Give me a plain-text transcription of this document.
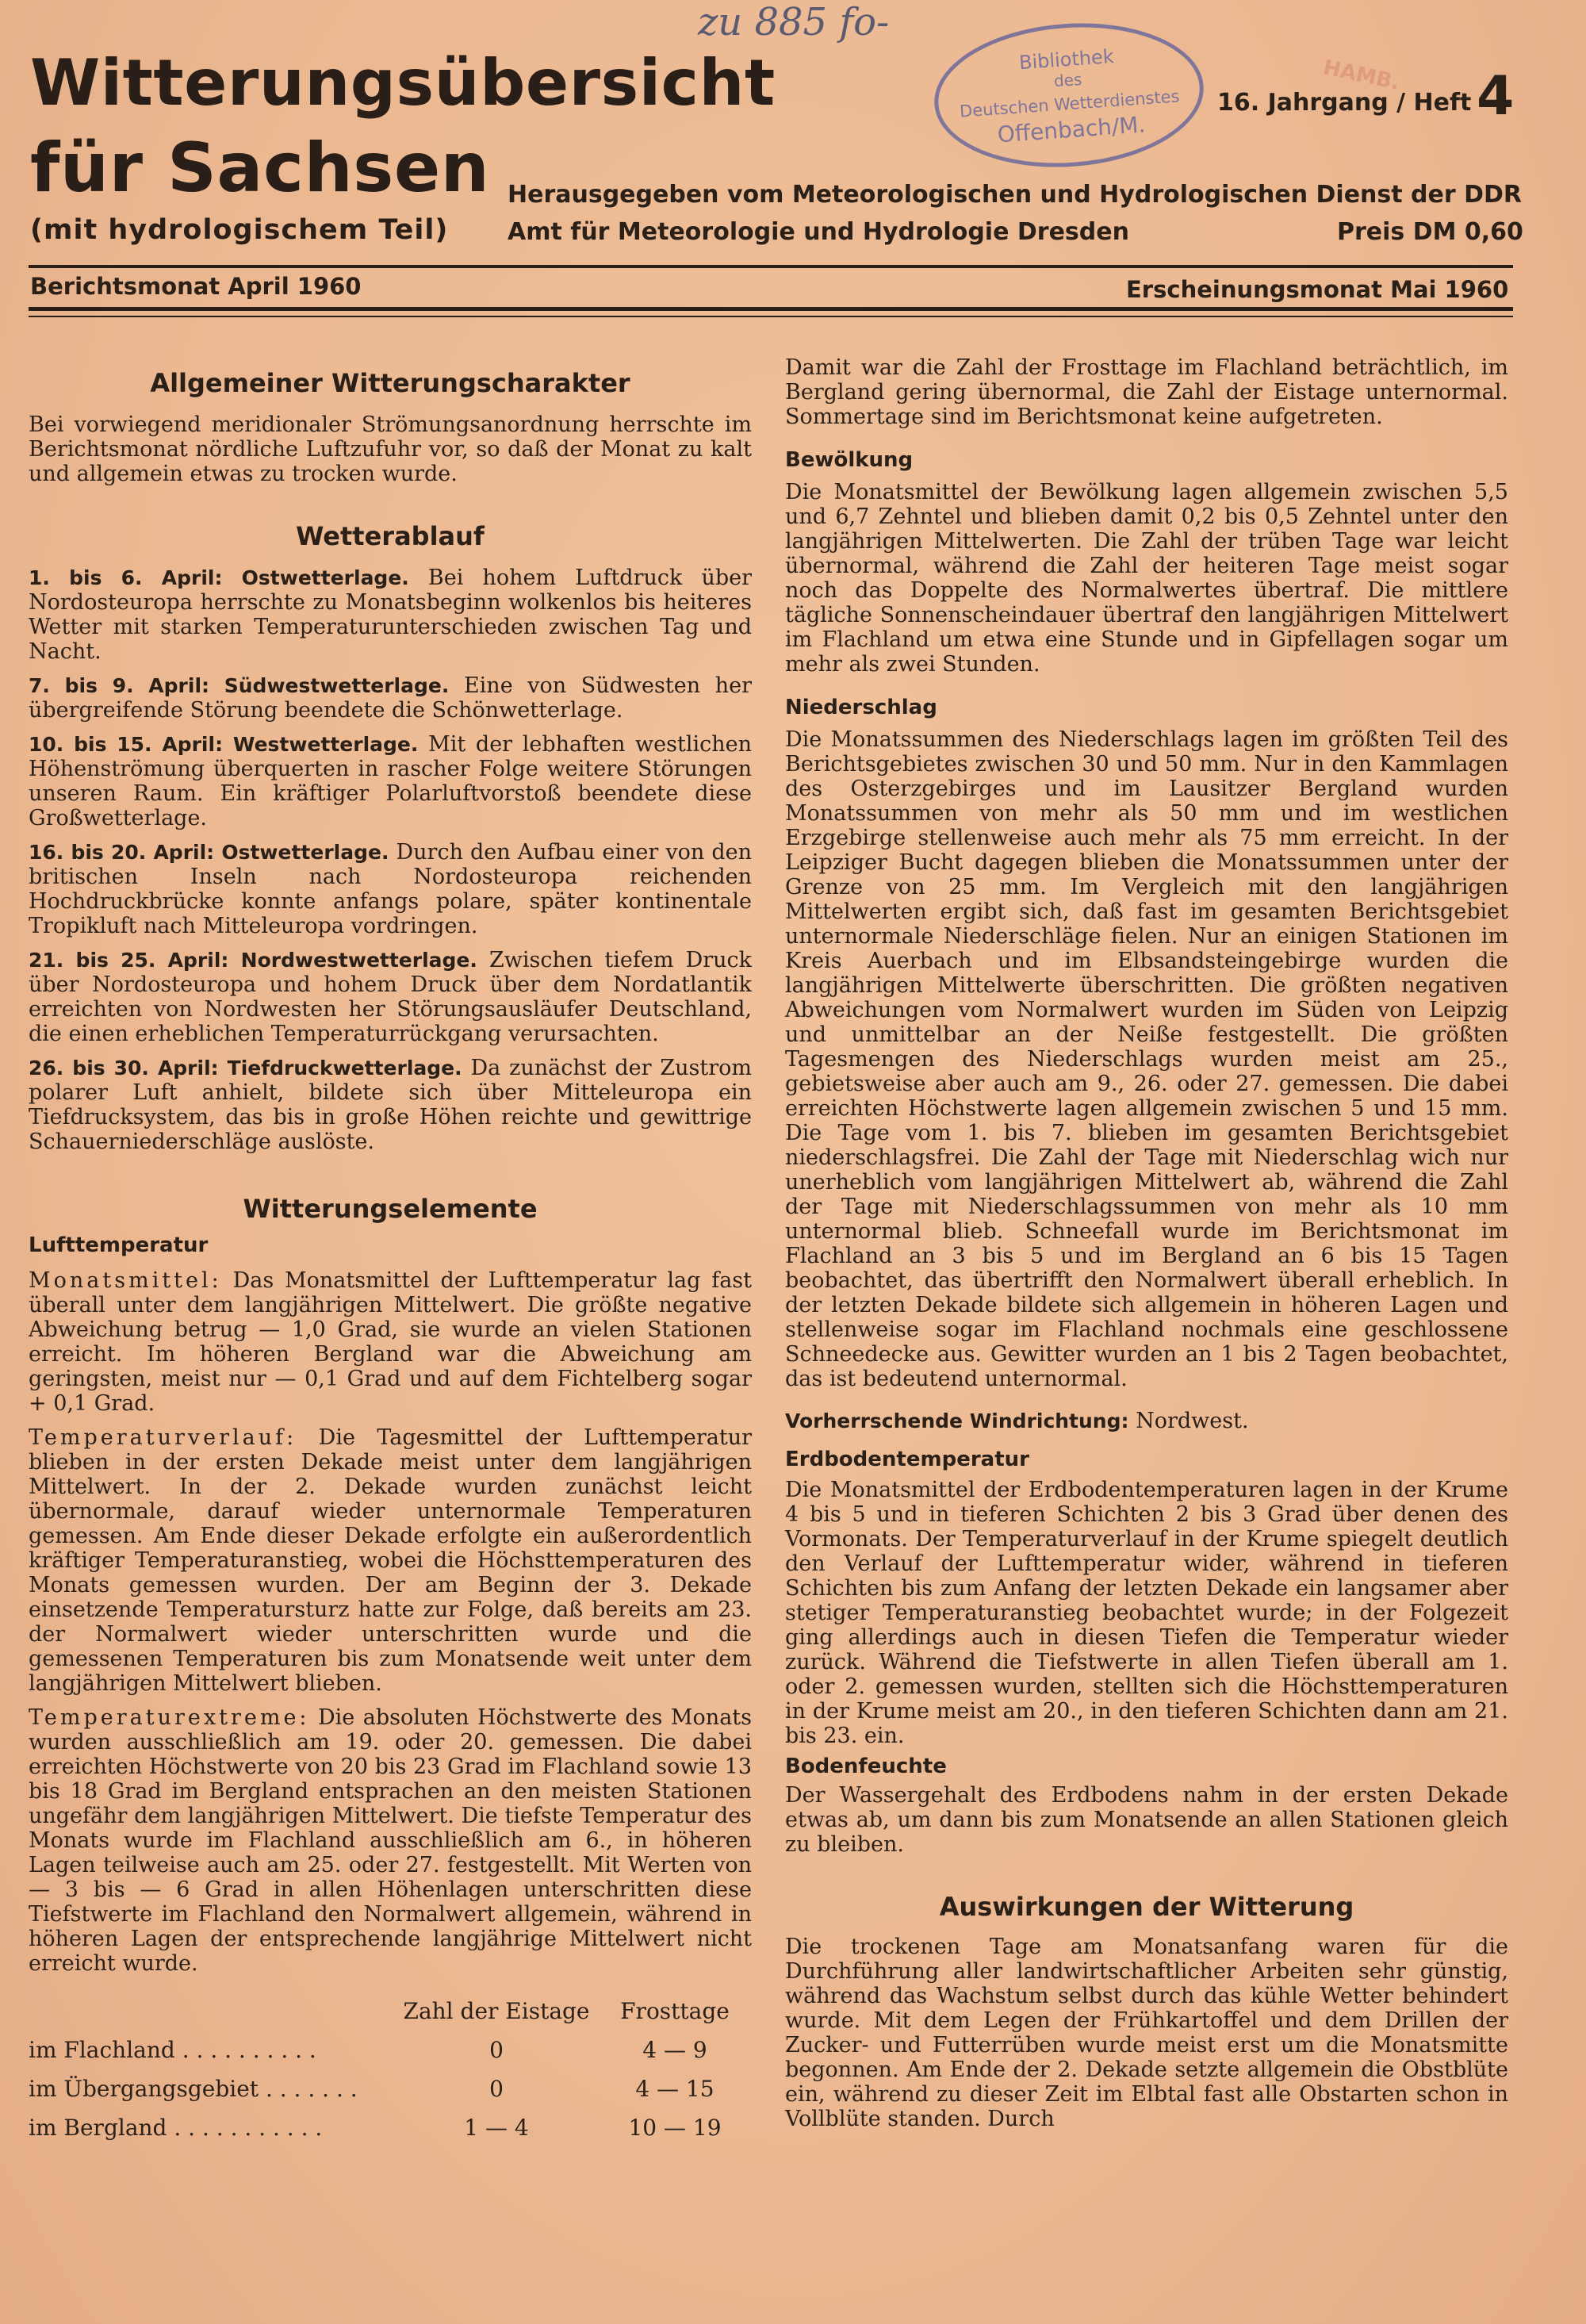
Witterungsübersicht
für Sachsen
(mit hydrologischem Teil)
zu 885 fo-
Bibliothek
des
Deutschen Wetterdienstes
Offenbach/M.
HAMB.
16. Jahrgang / Heft 4
Herausgegeben vom Meteorologischen und Hydrologischen Dienst der DDR
Amt für Meteorologie und Hydrologie Dresden	Preis DM 0,60
Berichtsmonat April 1960	Erscheinungsmonat Mai 1960
Allgemeiner Witterungscharakter

Bei vorwiegend meridionaler Strömungsanordnung herrschte im Berichtsmonat nördliche Luftzufuhr vor, so daß der Monat zu kalt und allgemein etwas zu trocken wurde.

Wetterablauf

1. bis 6. April: Ostwetterlage. Bei hohem Luftdruck über Nordosteuropa herrschte zu Monatsbeginn wolkenlos bis heiteres Wetter mit starken Temperaturunterschieden zwischen Tag und Nacht.

7. bis 9. April: Südwestwetterlage. Eine von Südwesten her übergreifende Störung beendete die Schönwetterlage.

10. bis 15. April: Westwetterlage. Mit der lebhaften westlichen Höhenströmung überquerten in rascher Folge weitere Störungen unseren Raum. Ein kräftiger Polarluftvorstoß beendete diese Großwetterlage.

16. bis 20. April: Ostwetterlage. Durch den Aufbau einer von den britischen Inseln nach Nordosteuropa reichenden Hochdruckbrücke konnte anfangs polare, später kontinentale Tropikluft nach Mitteleuropa vordringen.

21. bis 25. April: Nordwestwetterlage. Zwischen tiefem Druck über Nordosteuropa und hohem Druck über dem Nordatlantik erreichten von Nordwesten her Störungsausläufer Deutschland, die einen erheblichen Temperaturrückgang verursachten.

26. bis 30. April: Tiefdruckwetterlage. Da zunächst der Zustrom polarer Luft anhielt, bildete sich über Mitteleuropa ein Tiefdrucksystem, das bis in große Höhen reichte und gewittrige Schauerniederschläge auslöste.

Witterungselemente
Lufttemperatur

Monatsmittel: Das Monatsmittel der Lufttemperatur lag fast überall unter dem langjährigen Mittelwert. Die größte negative Abweichung betrug — 1,0 Grad, sie wurde an vielen Stationen erreicht. Im höheren Bergland war die Abweichung am geringsten, meist nur — 0,1 Grad und auf dem Fichtelberg sogar + 0,1 Grad.

Temperaturverlauf: Die Tagesmittel der Lufttemperatur blieben in der ersten Dekade meist unter dem langjährigen Mittelwert. In der 2. Dekade wurden zunächst leicht übernormale, darauf wieder unternormale Temperaturen gemessen. Am Ende dieser Dekade erfolgte ein außerordentlich kräftiger Temperaturanstieg, wobei die Höchsttemperaturen des Monats gemessen wurden. Der am Beginn der 3. Dekade einsetzende Temperatursturz hatte zur Folge, daß bereits am 23. der Normalwert wieder unterschritten wurde und die gemessenen Temperaturen bis zum Monatsende weit unter dem langjährigen Mittelwert blieben.

Temperaturextreme: Die absoluten Höchstwerte des Monats wurden ausschließlich am 19. oder 20. gemessen. Die dabei erreichten Höchstwerte von 20 bis 23 Grad im Flachland sowie 13 bis 18 Grad im Bergland entsprachen an den meisten Stationen ungefähr dem langjährigen Mittelwert. Die tiefste Temperatur des Monats wurde im Flachland ausschließlich am 6., in höheren Lagen teilweise auch am 25. oder 27. festgestellt. Mit Werten von — 3 bis — 6 Grad in allen Höhenlagen unterschritten diese Tiefstwerte im Flachland den Normalwert allgemein, während in höheren Lagen der entsprechende langjährige Mittelwert nicht erreicht wurde.

	Zahl der Eistage	Frosttage
im Flachland . . . . . . . . . .	0	4 — 9
im Übergangsgebiet . . . . . . .	0	4 — 15
im Bergland . . . . . . . . . . .	1 — 4	10 — 19

Damit war die Zahl der Frosttage im Flachland beträchtlich, im Bergland gering übernormal, die Zahl der Eistage unternormal. Sommertage sind im Berichtsmonat keine aufgetreten.

Bewölkung

Die Monatsmittel der Bewölkung lagen allgemein zwischen 5,5 und 6,7 Zehntel und blieben damit 0,2 bis 0,5 Zehntel unter den langjährigen Mittelwerten. Die Zahl der trüben Tage war leicht übernormal, während die Zahl der heiteren Tage meist sogar noch das Doppelte des Normalwertes übertraf. Die mittlere tägliche Sonnenscheindauer übertraf den langjährigen Mittelwert im Flachland um etwa eine Stunde und in Gipfellagen sogar um mehr als zwei Stunden.

Niederschlag

Die Monatssummen des Niederschlags lagen im größten Teil des Berichtsgebietes zwischen 30 und 50 mm. Nur in den Kammlagen des Osterzgebirges und im Lausitzer Bergland wurden Monatssummen von mehr als 50 mm und im westlichen Erzgebirge stellenweise auch mehr als 75 mm erreicht. In der Leipziger Bucht dagegen blieben die Monatssummen unter der Grenze von 25 mm. Im Vergleich mit den langjährigen Mittelwerten ergibt sich, daß fast im gesamten Berichtsgebiet unternormale Niederschläge fielen. Nur an einigen Stationen im Kreis Auerbach und im Elbsandsteingebirge wurden die langjährigen Mittelwerte überschritten. Die größten negativen Abweichungen vom Normalwert wurden im Süden von Leipzig und unmittelbar an der Neiße festgestellt. Die größten Tagesmengen des Niederschlags wurden meist am 25., gebietsweise aber auch am 9., 26. oder 27. gemessen. Die dabei erreichten Höchstwerte lagen allgemein zwischen 5 und 15 mm. Die Tage vom 1. bis 7. blieben im gesamten Berichtsgebiet niederschlagsfrei. Die Zahl der Tage mit Niederschlag wich nur unerheblich vom langjährigen Mittelwert ab, während die Zahl der Tage mit Niederschlagssummen von mehr als 10 mm unternormal blieb. Schneefall wurde im Berichtsmonat im Flachland an 3 bis 5 und im Bergland an 6 bis 15 Tagen beobachtet, das übertrifft den Normalwert überall erheblich. In der letzten Dekade bildete sich allgemein in höheren Lagen und stellenweise sogar im Flachland nochmals eine geschlossene Schneedecke aus. Gewitter wurden an 1 bis 2 Tagen beobachtet, das ist bedeutend unternormal.

Vorherrschende Windrichtung: Nordwest.

Erdbodentemperatur

Die Monatsmittel der Erdbodentemperaturen lagen in der Krume 4 bis 5 und in tieferen Schichten 2 bis 3 Grad über denen des Vormonats. Der Temperaturverlauf in der Krume spiegelt deutlich den Verlauf der Lufttemperatur wider, während in tieferen Schichten bis zum Anfang der letzten Dekade ein langsamer aber stetiger Temperaturanstieg beobachtet wurde; in der Folgezeit ging allerdings auch in diesen Tiefen die Temperatur wieder zurück. Während die Tiefstwerte in allen Tiefen überall am 1. oder 2. gemessen wurden, stellten sich die Höchsttemperaturen in der Krume meist am 20., in den tieferen Schichten dann am 21. bis 23. ein.

Bodenfeuchte

Der Wassergehalt des Erdbodens nahm in der ersten Dekade etwas ab, um dann bis zum Monatsende an allen Stationen gleich zu bleiben.

Auswirkungen der Witterung

Die trockenen Tage am Monatsanfang waren für die Durchführung aller landwirtschaftlicher Arbeiten sehr günstig, während das Wachstum selbst durch das kühle Wetter behindert wurde. Mit dem Legen der Frühkartoffel und dem Drillen der Zucker- und Futterrüben wurde meist erst um die Monatsmitte begonnen. Am Ende der 2. Dekade setzte allgemein die Obstblüte ein, während zu dieser Zeit im Elbtal fast alle Obstarten schon in Vollblüte standen. Durch
